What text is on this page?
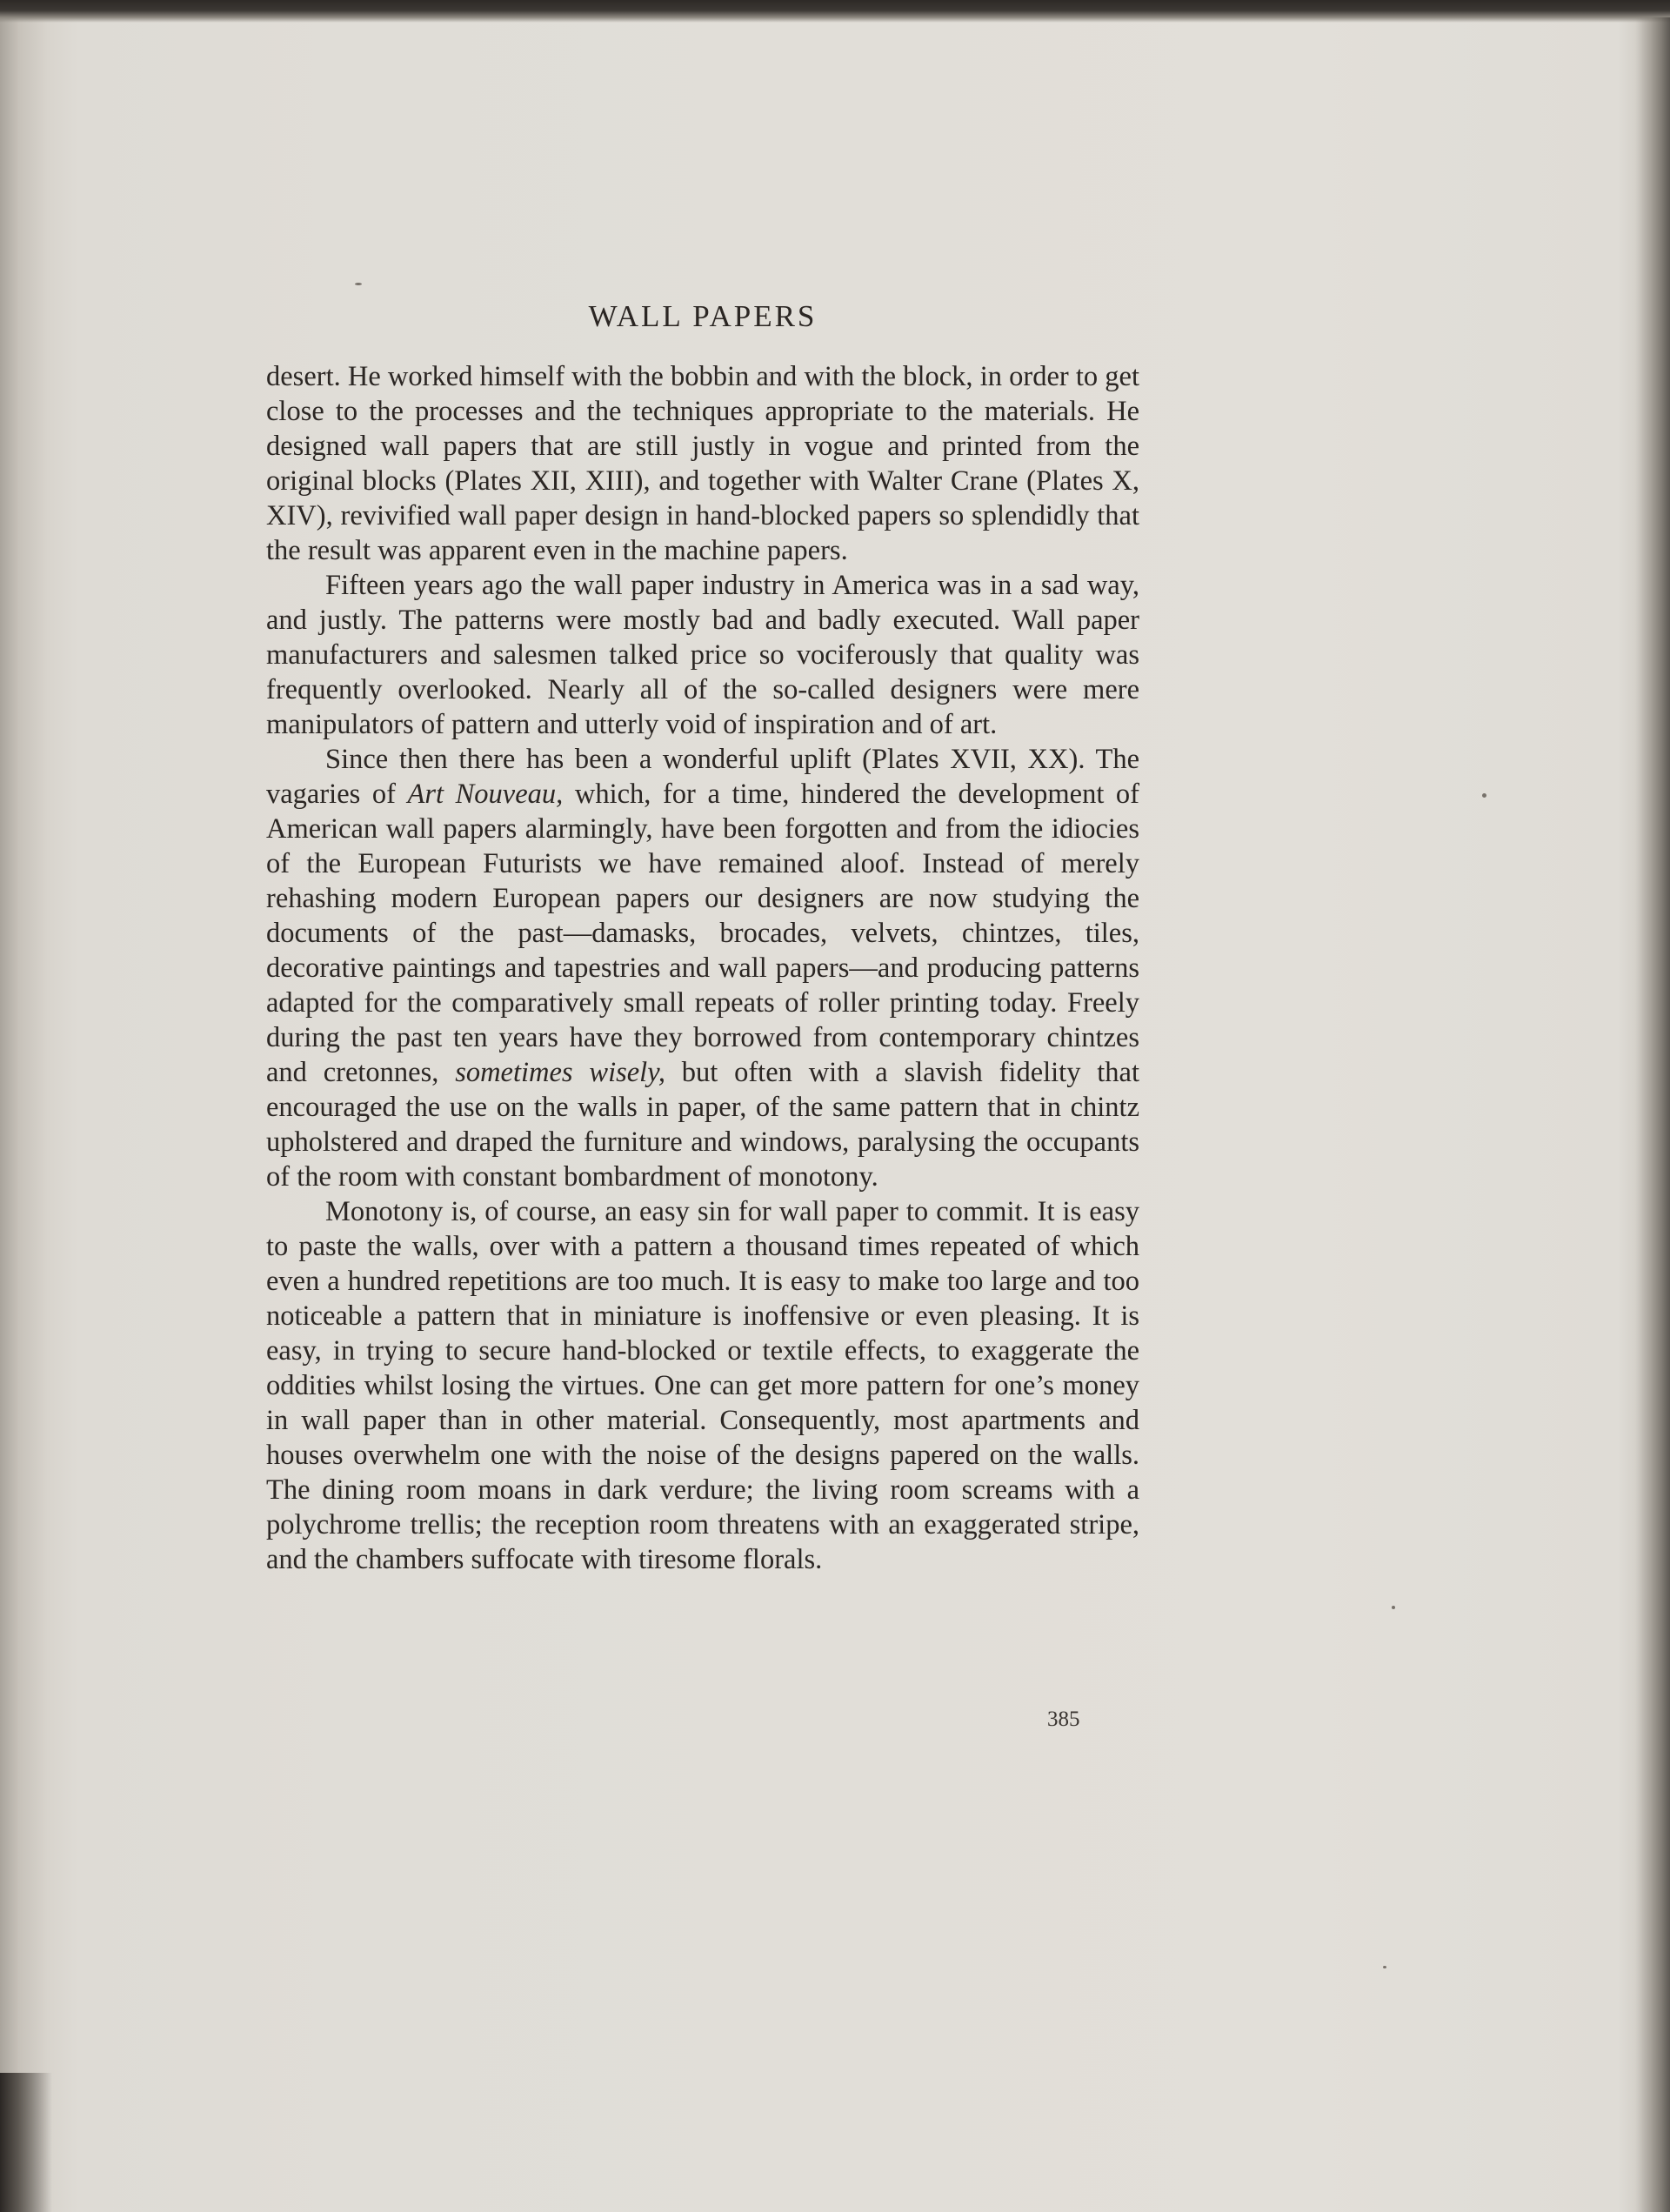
WALL PAPERS

desert. He worked himself with the bobbin and with the block, in order to get close to the processes and the techniques appropriate to the materials. He designed wall papers that are still justly in vogue and printed from the original blocks (Plates XII, XIII), and together with Walter Crane (Plates X, XIV), revivified wall paper design in hand-blocked papers so splendidly that the result was apparent even in the machine papers.

Fifteen years ago the wall paper industry in America was in a sad way, and justly. The patterns were mostly bad and badly executed. Wall paper manufacturers and salesmen talked price so vociferously that quality was frequently overlooked. Nearly all of the so-called designers were mere manipulators of pattern and utterly void of inspiration and of art.

Since then there has been a wonderful uplift (Plates XVII, XX). The vagaries of Art Nouveau, which, for a time, hindered the development of American wall papers alarmingly, have been forgotten and from the idiocies of the European Futurists we have remained aloof. Instead of merely rehashing modern European papers our designers are now studying the documents of the past—damasks, brocades, velvets, chintzes, tiles, decorative paintings and tapestries and wall papers—and producing patterns adapted for the comparatively small repeats of roller printing today. Freely during the past ten years have they borrowed from contemporary chintzes and cretonnes, sometimes wisely, but often with a slavish fidelity that encouraged the use on the walls in paper, of the same pattern that in chintz upholstered and draped the furniture and windows, paralysing the occupants of the room with constant bombardment of monotony.

Monotony is, of course, an easy sin for wall paper to commit. It is easy to paste the walls, over with a pattern a thousand times repeated of which even a hundred repetitions are too much. It is easy to make too large and too noticeable a pattern that in miniature is inoffensive or even pleasing. It is easy, in trying to secure hand-blocked or textile effects, to exaggerate the oddities whilst losing the virtues. One can get more pattern for one’s money in wall paper than in other material. Consequently, most apartments and houses overwhelm one with the noise of the designs papered on the walls. The dining room moans in dark verdure; the living room screams with a polychrome trellis; the reception room threatens with an exaggerated stripe, and the chambers suffocate with tiresome florals.

385
